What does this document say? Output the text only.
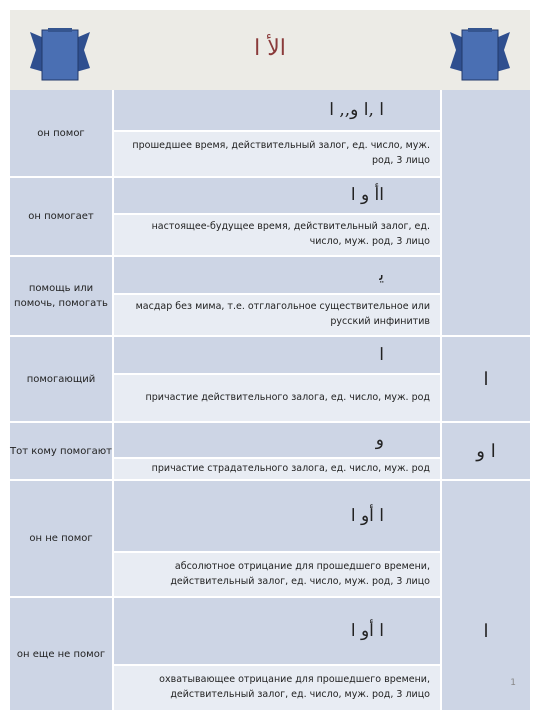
الأ ا
он помог
ا ,ا و,, ا
прошедшее время, действительный залог, ед. число, муж. род, 3 лицо
он помогает
اأ و ا
настоящее-будущее время, действительный залог, ед. число, муж. род, 3 лицо
помощь или помочь, помогать
ﯾ
масдар без мима, т.е. отглагольное существительное или русский инфинитив
помогающий
ا
причастие действительного залога, ед. число, муж. род
ا
Тот кому помогают
و
причастие страдательного залога, ед. число, муж. род
ا و
он не помог
ا أو ا
абсолютное отрицание для прошедшего времени, действительный залог, ед. число, муж. род, 3 лицо
он еще не помог
ا أو ا
охватывающее отрицание для прошедшего времени, действительный залог, ед. число, муж. род, 3 лицо
ا
1
